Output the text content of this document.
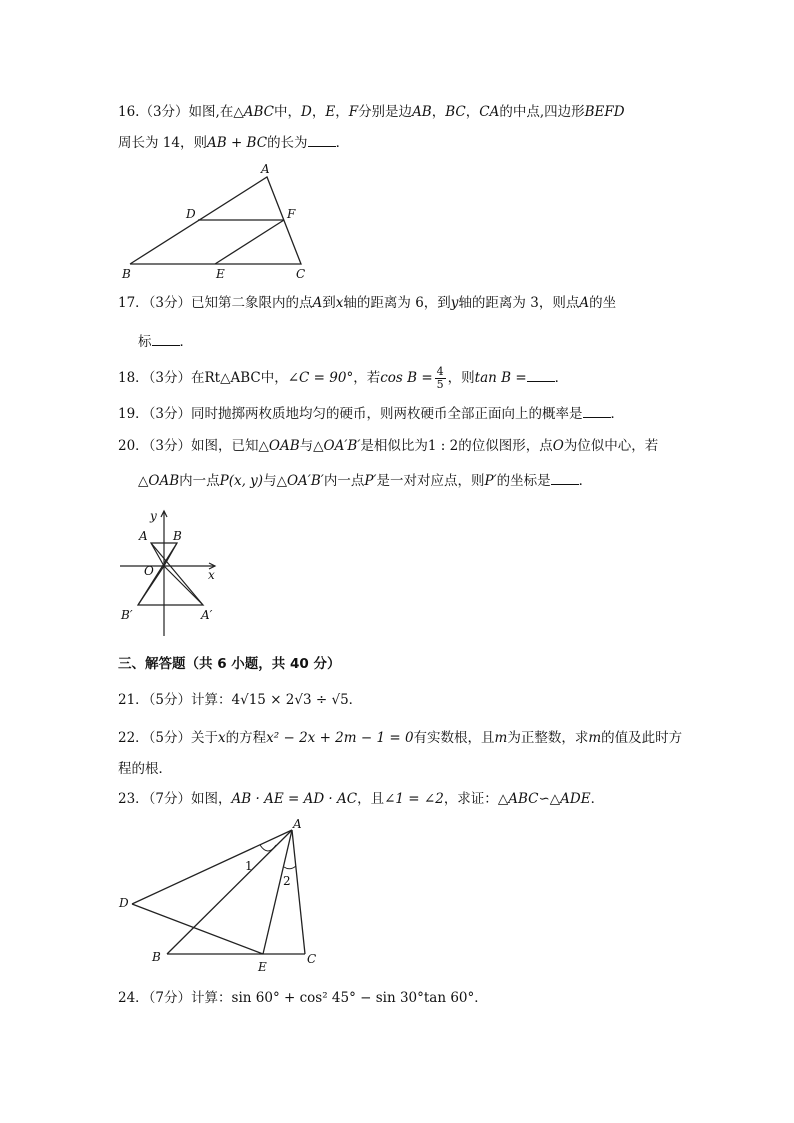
16.（3分）如图,在△ABC中，D，E，F分别是边AB，BC，CA的中点,四边形BEFD
周长为 14，则AB + BC的长为 ．
A
D	F
B	E	C
17．（3分）已知第二象限内的点A到x轴的距离为 6，到y轴的距离为 3，则点A的坐
标 ．
18．（3分）在Rt△ABC中，∠C = 90°，若$\cos B = \frac{4}{5}$ ，则tan B = ．
19．（3分）同时抛掷两枚质地均匀的硬币，则两枚硬币全部正面向上的概率是 ．
20．（3分）如图，已知△OAB与△OA′B′是相似比为1 : 2的位似图形，点O为位似中心，若
△OAB内一点P(x, y)与△OA′B′内一点P′是一对对应点，则P′的坐标是 ．
y
x
O
A B
B′	A′
三、解答题（共 6 小题，共 40 分）
21．（5分）计算：4√15 × 2√3 ÷ √5．
22．（5分）关于x的方程x² − 2x + 2m − 1 = 0有实数根，且m为正整数，求m的值及此时方
程的根．
23．（7分）如图，AB · AE = AD · AC，且∠1 = ∠2，求证：△ABC∽△ADE．
A
D
B
E
C
1
2
24．（7分）计算：sin 60° + cos² 45° − sin 30°tan 60°．
